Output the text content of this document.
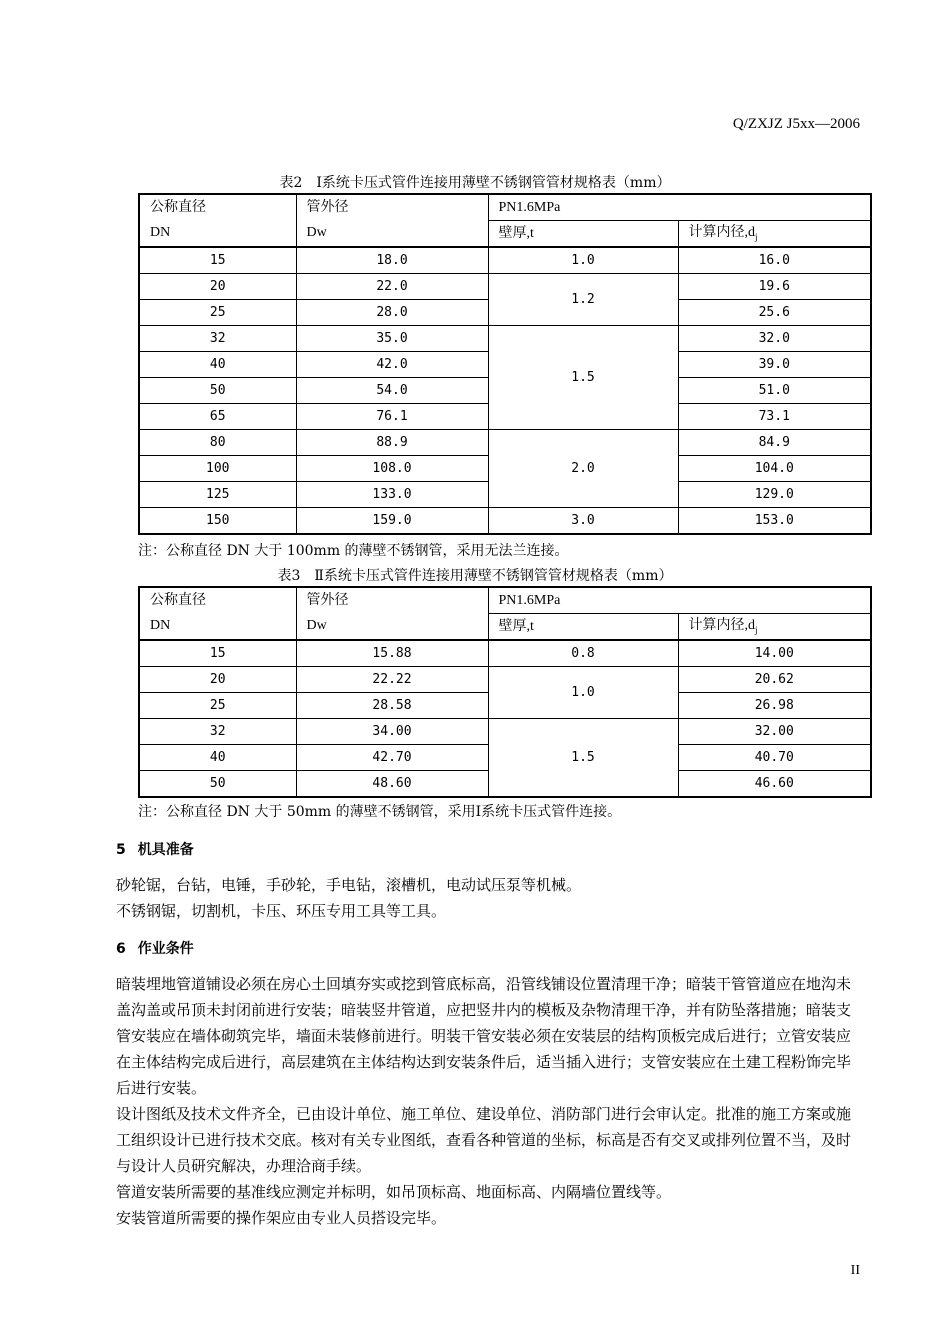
Q/ZXJZ J5xx—2006
表2　Ⅰ系统卡压式管件连接用薄壁不锈钢管管材规格表（mm）
公称直径	管外径	PN1.6MPa	
DN	Dw	壁厚,t	计算内径$,d_j$
15	18.0	1.0	16.0
20	22.0	1.2	19.6
25	28.0		25.6
32	35.0	1.5	32.0
40	42.0		39.0
50	54.0		51.0
65	76.1		73.1
80	88.9	2.0	84.9
100	108.0		104.0
125	133.0		129.0
150	159.0	3.0	153.0
注：公称直径 DN 大于 100mm 的薄壁不锈钢管，采用无法兰连接。
表3　Ⅱ系统卡压式管件连接用薄壁不锈钢管管材规格表（mm）
公称直径	管外径	PN1.6MPa	
DN	Dw	壁厚,t	计算内径$,d_j$
15	15.88	0.8	14.00
20	22.22	1.0	20.62
25	28.58		26.98
32	34.00	1.5	32.00
40	42.70		40.70
50	48.60		46.60
注：公称直径 DN 大于 50mm 的薄壁不锈钢管，采用Ⅰ系统卡压式管件连接。
5 机具准备

砂轮锯，台钻，电锤，手砂轮，手电钻，滚槽机，电动试压泵等机械。

不锈钢锯，切割机，卡压、环压专用工具等工具。

6 作业条件

暗装埋地管道铺设必须在房心土回填夯实或挖到管底标高，沿管线铺设位置清理干净；暗装干管管道应在地沟未盖沟盖或吊顶未封闭前进行安装；暗装竖井管道，应把竖井内的模板及杂物清理干净，并有防坠落措施；暗装支管安装应在墙体砌筑完毕，墙面未装修前进行。明装干管安装必须在安装层的结构顶板完成后进行；立管安装应在主体结构完成后进行，高层建筑在主体结构达到安装条件后，适当插入进行；支管安装应在土建工程粉饰完毕后进行安装。

设计图纸及技术文件齐全，已由设计单位、施工单位、建设单位、消防部门进行会审认定。批准的施工方案或施工组织设计已进行技术交底。核对有关专业图纸，查看各种管道的坐标，标高是否有交叉或排列位置不当，及时与设计人员研究解决，办理洽商手续。

管道安装所需要的基准线应测定并标明，如吊顶标高、地面标高、内隔墙位置线等。

安装管道所需要的操作架应由专业人员搭设完毕。

II
